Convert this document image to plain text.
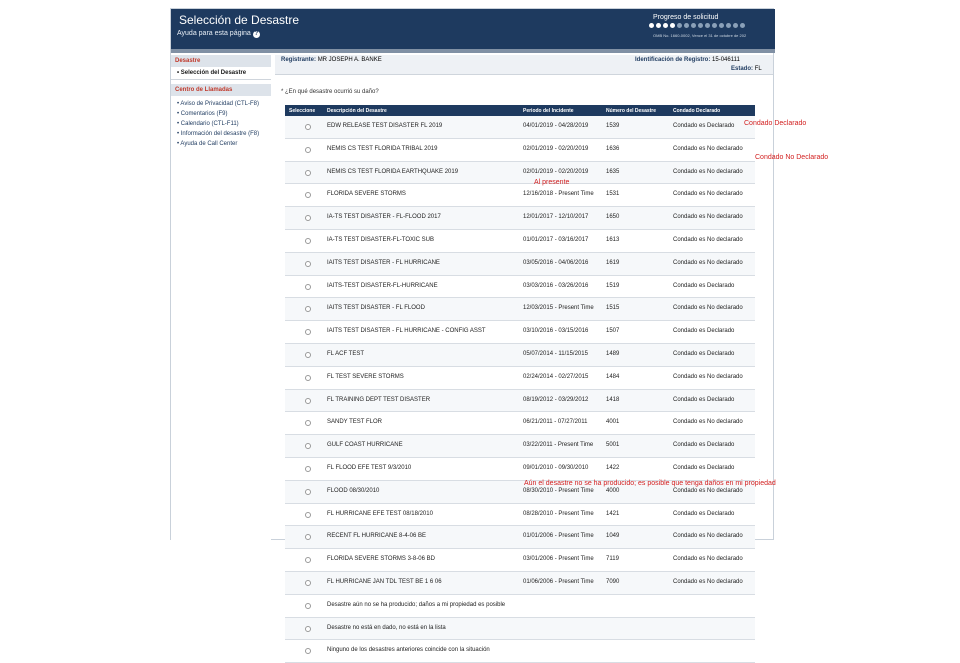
Selección de Desastre
Ayuda para esta página ?
Progreso de solicitud
OMB No. 1660-0002, Vence el 31 de octubre de 202
Desastre
• Selección del Desastre
Centro de Llamadas
• Aviso de Privacidad (CTL-F8)
• Comentarios (F9)
• Calendario (CTL-F11)
• Información del desastre (F8)
• Ayuda de Call Center
Registrante: MR JOSEPH A. BANKE	Identificación de Registro: 15-046111
Estado: FL
* ¿En qué desastre ocurrió su daño?
Seleccione Descripción del Desastre	Periodo del Incidente	Número del Desastre	Condado Declarado
EDW RELEASE TEST DISASTER FL 2019	04/01/2019 - 04/28/2019	1539	Condado es Declarado
NEMIS CS TEST FLORIDA TRIBAL 2019	02/01/2019 - 02/20/2019	1636	Condado es No declarado
NEMIS CS TEST FLORIDA EARTHQUAKE 2019	02/01/2019 - 02/20/2019	1635	Condado es No declarado
FLORIDA SEVERE STORMS	12/16/2018 - Present Time 1531	Condado es No declarado
IA-TS TEST DISASTER - FL-FLOOD 2017	12/01/2017 - 12/10/2017	1650	Condado es No declarado
IA-TS TEST DISASTER-FL-TOXIC SUB	01/01/2017 - 03/16/2017	1613	Condado es No declarado
IAITS TEST DISASTER - FL HURRICANE	03/05/2016 - 04/06/2016	1619	Condado es No declarado
IAITS-TEST DISASTER-FL-HURRICANE	03/03/2016 - 03/26/2016	1519	Condado es Declarado
IAITS TEST DISASTER - FL FLOOD	12/03/2015 - Present Time 1515	Condado es No declarado
IAITS TEST DISASTER - FL HURRICANE - CONFIG ASST	03/10/2016 - 03/15/2016	1507	Condado es Declarado
FL ACF TEST	05/07/2014 - 11/15/2015	1489	Condado es Declarado
FL TEST SEVERE STORMS	02/24/2014 - 02/27/2015	1484	Condado es No declarado
FL TRAINING DEPT TEST DISASTER	08/19/2012 - 03/29/2012	1418	Condado es Declarado
SANDY TEST FLOR	06/21/2011 - 07/27/2011	4001	Condado es No declarado
GULF COAST HURRICANE	03/22/2011 - Present Time 5001	Condado es Declarado
FL FLOOD EFE TEST 9/3/2010	09/01/2010 - 09/30/2010	1422	Condado es Declarado
FLOOD 08/30/2010	08/30/2010 - Present Time 4000	Condado es No declarado
FL HURRICANE EFE TEST 08/18/2010	08/28/2010 - Present Time 1421	Condado es Declarado
RECENT FL HURRICANE 8-4-06 BE	01/01/2006 - Present Time 1049	Condado es No declarado
FLORIDA SEVERE STORMS 3-8-06 BD	03/01/2006 - Present Time 7119	Condado es No declarado
FL HURRICANE JAN TDL TEST BE 1 6 06	01/06/2006 - Present Time 7090	Condado es No declarado
Desastre aún no se ha producido; daños a mi propiedad es posible
Desastre no está en dado, no está en la lista
Ninguno de los desastres anteriores coincide con la situación
Condado Declarado
Condado No Declarado
Al presente
Aún el desastre no se ha producido; es posible que tenga daños en mi propiedad
